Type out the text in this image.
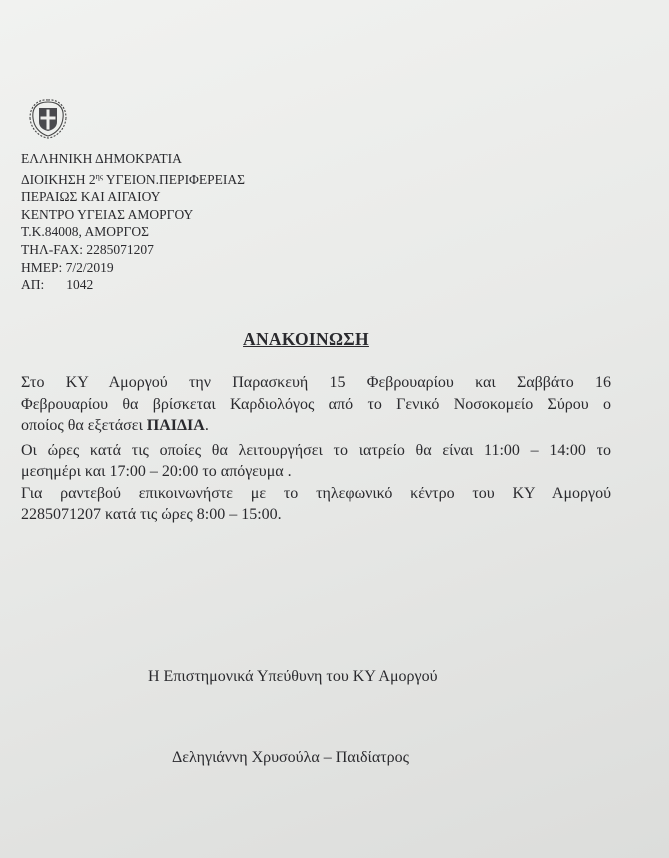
ΕΛΛΗΝΙΚΗ ΔΗΜΟΚΡΑΤΙΑ
ΔΙΟΙΚΗΣΗ $2^{\eta\varsigma}$ ΥΓΕΙΟΝ.ΠΕΡΙΦΕΡΕΙΑΣ
ΠΕΡΑΙΩΣ ΚΑΙ ΑΙΓΑΙΟΥ
ΚΕΝΤΡΟ ΥΓΕΙΑΣ ΑΜΟΡΓΟΥ
Τ.Κ.84008, ΑΜΟΡΓΟΣ
ΤΗΛ-FAX: 2285071207
ΗΜΕΡ: 7/2/2019
ΑΠ: 1042
ΑΝΑΚΟΙΝΩΣΗ

Στο ΚΥ Αμοργού την Παρασκευή 15 Φεβρουαρίου και Σαββάτο 16
Φεβρουαρίου θα βρίσκεται Καρδιολόγος από το Γενικό Νοσοκομείο Σύρου ο
οποίος θα εξετάσει ΠΑΙΔΙΑ.

Οι ώρες κατά τις οποίες θα λειτουργήσει το ιατρείο θα είναι 11:00 – 14:00 το
μεσημέρι και 17:00 – 20:00 το απόγευμα .

Για ραντεβού επικοινωνήστε με το τηλεφωνικό κέντρο του ΚΥ Αμοργού
2285071207 κατά τις ώρες 8:00 – 15:00.

Η Επιστημονικά Υπεύθυνη του ΚΥ Αμοργού
Δεληγιάννη Χρυσούλα – Παιδίατρος
